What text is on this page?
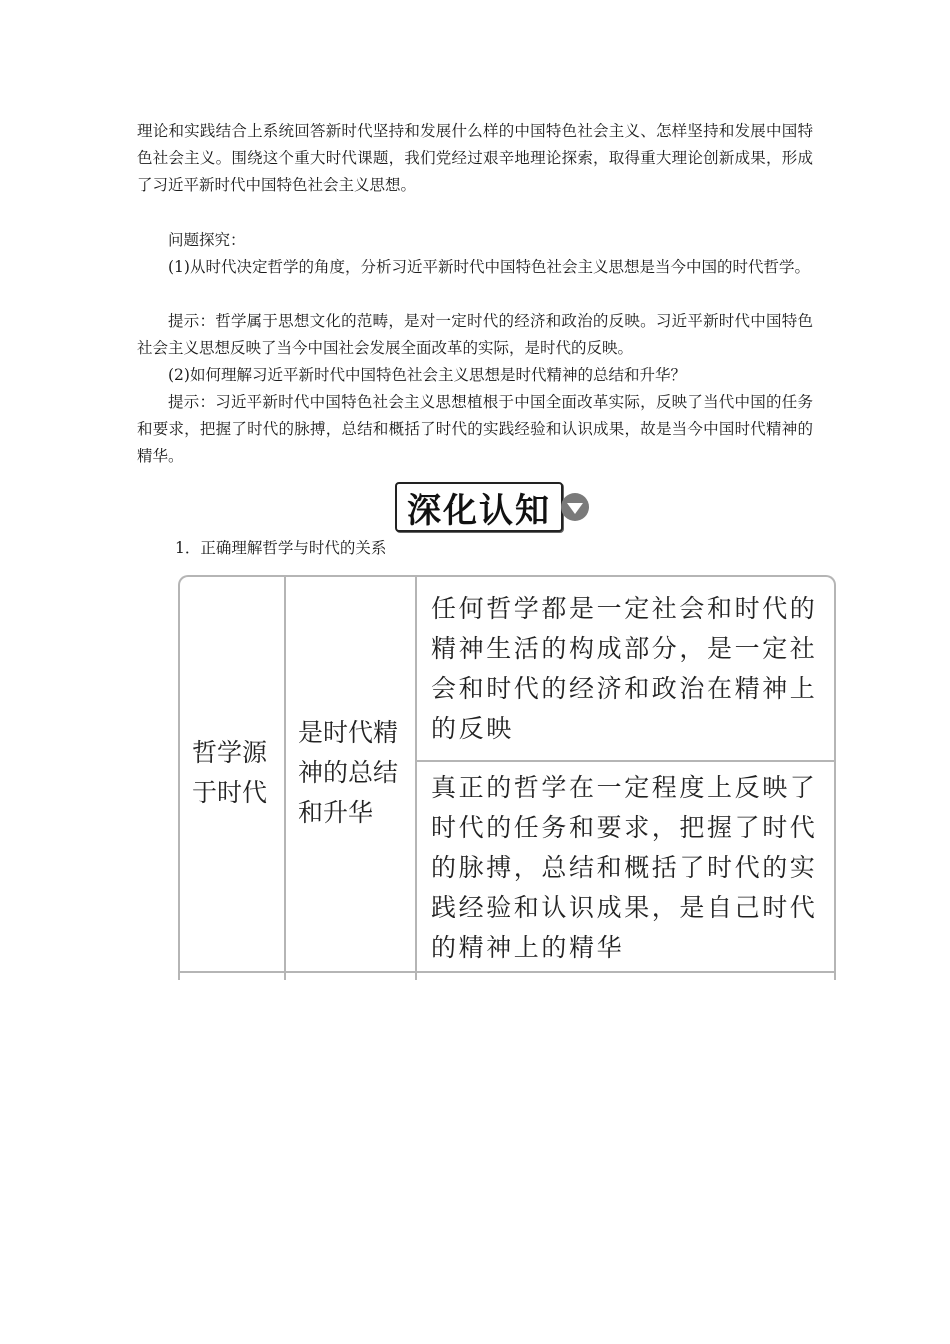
理论和实践结合上系统回答新时代坚持和发展什么样的中国特色社会主义、怎样坚持和发展中国特色社会主义。围绕这个重大时代课题，我们党经过艰辛地理论探索，取得重大理论创新成果，形成了习近平新时代中国特色社会主义思想。

问题探究：

(1)从时代决定哲学的角度，分析习近平新时代中国特色社会主义思想是当今中国的时代哲学。

提示：哲学属于思想文化的范畴，是对一定时代的经济和政治的反映。习近平新时代中国特色社会主义思想反映了当今中国社会发展全面改革的实际，是时代的反映。

(2)如何理解习近平新时代中国特色社会主义思想是时代精神的总结和升华？

提示：习近平新时代中国特色社会主义思想植根于中国全面改革实际，反映了当代中国的任务和要求，把握了时代的脉搏，总结和概括了时代的实践经验和认识成果，故是当今中国时代精神的精华。

深化认知

1．正确理解哲学与时代的关系

哲学源于时代

是时代精神的总结和升华

任何哲学都是一定社会和时代的精神生活的构成部分，是一定社会和时代的经济和政治在精神上的反映

真正的哲学在一定程度上反映了时代的任务和要求，把握了时代的脉搏，总结和概括了时代的实践经验和认识成果，是自己时代的精神上的精华
